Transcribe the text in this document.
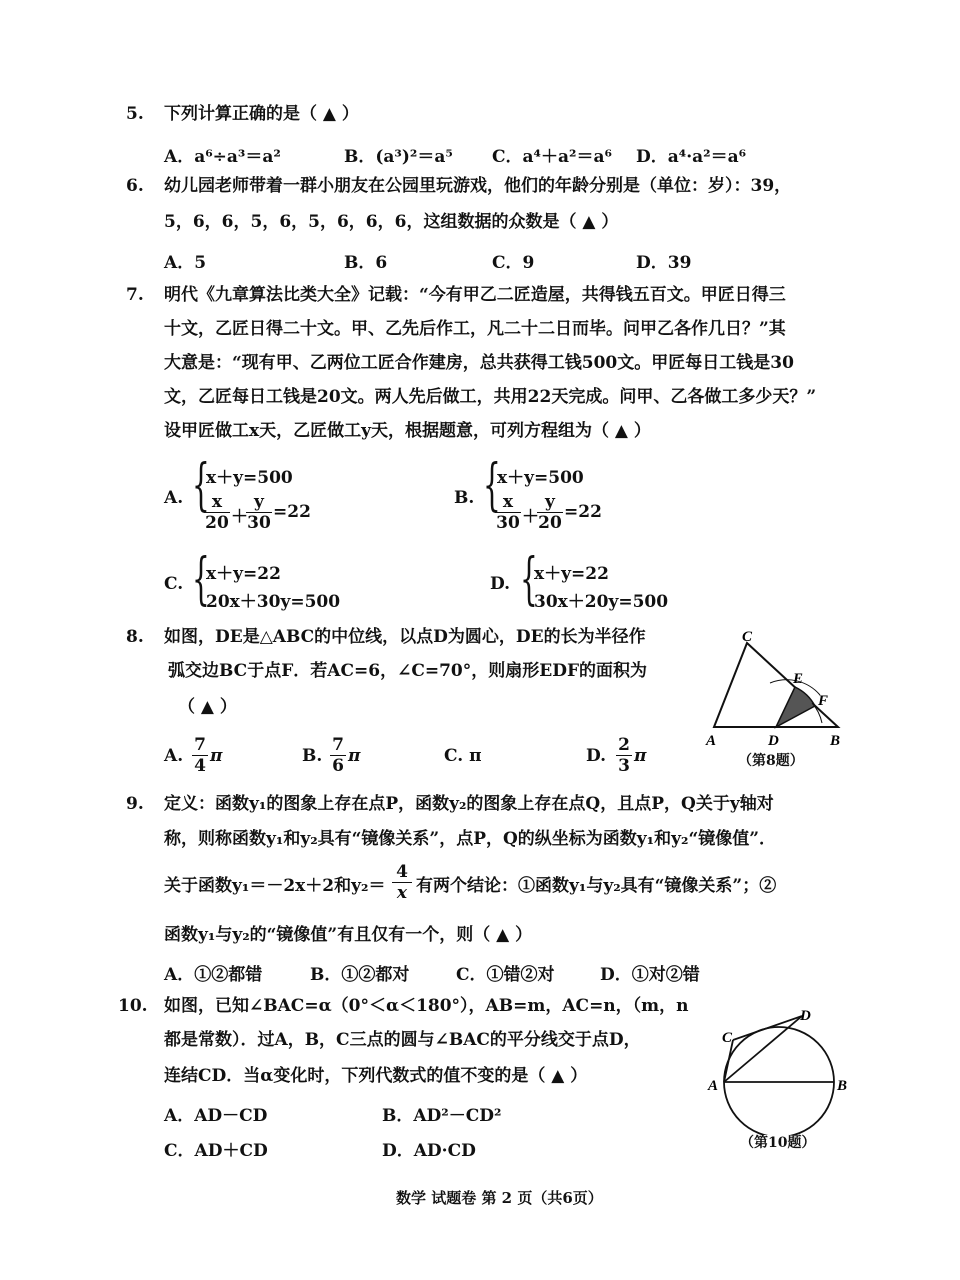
5. 下列计算正确的是（ ▲ ）
A．a⁶÷a³＝a²	B．(a³)²＝a⁵ C．a⁴＋a²＝a⁶ D．a⁴·a²＝a⁶
6. 幼儿园老师带着一群小朋友在公园里玩游戏，他们的年龄分别是（单位：岁）：39，
5，6，6，5，6，5，6，6，6，这组数据的众数是（ ▲ ）
A．5	B．6	C．9	D．39
7. 明代《九章算法比类大全》记载：“今有甲乙二匠造屋，共得钱五百文。甲匠日得三
十文，乙匠日得二十文。甲、乙先后作工，凡二十二日而毕。问甲乙各作几日？”其
大意是：“现有甲、乙两位工匠合作建房，总共获得工钱500文。甲匠每日工钱是30
文，乙匠每日工钱是20文。两人先后做工，共用22天完成。问甲、乙各做工多少天？”
设甲匠做工x天，乙匠做工y天，根据题意，可列方程组为（ ▲ ）
A. {
x＋y=500
$\frac{x}{20}$ ＋
$\frac{y}{30} =22$
B. {
x＋y=500
$\frac{x}{30}$ ＋
$\frac{y}{20} =22$
C. {
x＋y=22
20x＋30y=500
D. {
x＋y=22
30x＋20y=500
8. 如图，DE是△ABC的中位线，以点D为圆心，DE的长为半径作
弧交边BC于点F．若AC=6，∠C=70°，则扇形EDF的面积为
（ ▲ ）
A. $\frac{7}{4}$ π	B. $\frac{7}{6}$ π	C. π	D. $\frac{2}{3}$ π
C
E
F
A	D	B
（第8题）
9. 定义：函数y₁的图象上存在点P，函数y₂的图象上存在点Q，且点P，Q关于y轴对
称，则称函数y₁和y₂具有“镜像关系”，点P，Q的纵坐标为函数y₁和y₂“镜像值”．
关于函数y₁＝－2x＋2和$y_2= \frac{4}{x}$ 有两个结论：①函数y₁与y₂具有“镜像关系”；②
函数y₁与y₂的“镜像值”有且仅有一个，则（ ▲ ）
A．①②都错	B．①②都对	C．①错②对	D．①对②错
10. 如图，已知∠BAC=α（0°＜α＜180°），AB=m，AC=n，（m，n
都是常数）．过A，B，C三点的圆与∠BAC的平分线交于点D，
连结CD．当α变化时，下列代数式的值不变的是（ ▲ ）
A．AD－CD	B．AD²－CD²
C．AD＋CD	D．AD·CD
C
D
A	B
（第10题）
数学 试题卷 第 2 页（共6页）
